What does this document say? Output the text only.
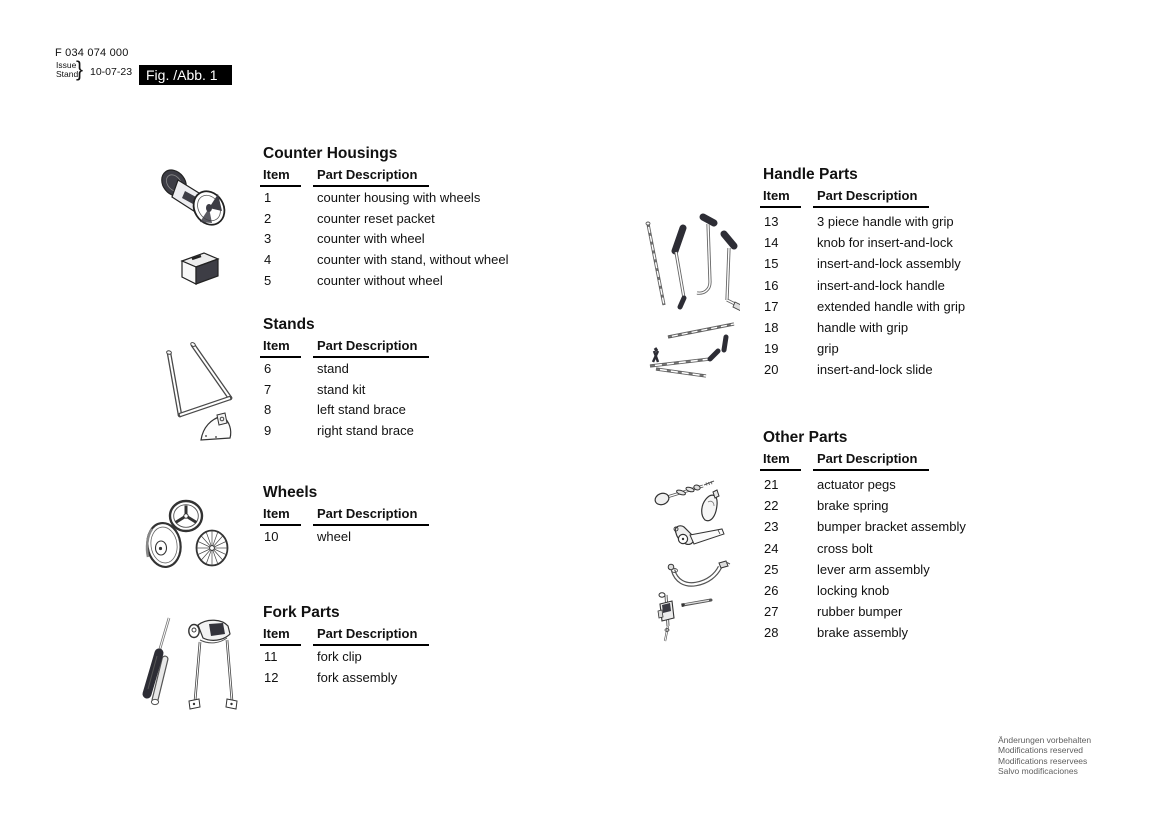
F 034 074 000
Issue
Stand
} 10-07-23 Fig. /Abb. 1
Counter Housings
Item	Part Description
1	counter housing with wheels
2	counter reset packet
3	counter with wheel
4	counter with stand, without wheel
5	counter without wheel
Stands
Item	Part Description
6	stand
7	stand kit
8	left stand brace
9	right stand brace
Wheels
Item	Part Description
10	wheel
Fork Parts
Item	Part Description
11	fork clip
12	fork assembly
Handle Parts
Item	Part Description
13	3 piece handle with grip
14	knob for insert-and-lock
15	insert-and-lock assembly
16	insert-and-lock handle
17	extended handle with grip
18	handle with grip
19	grip
20	insert-and-lock slide
Other Parts
Item	Part Description
21	actuator pegs
22	brake spring
23	bumper bracket assembly
24	cross bolt
25	lever arm assembly
26	locking knob
27	rubber bumper
28	brake assembly
Änderungen vorbehalten
Modifications reserved
Modifications reservees
Salvo modificaciones
